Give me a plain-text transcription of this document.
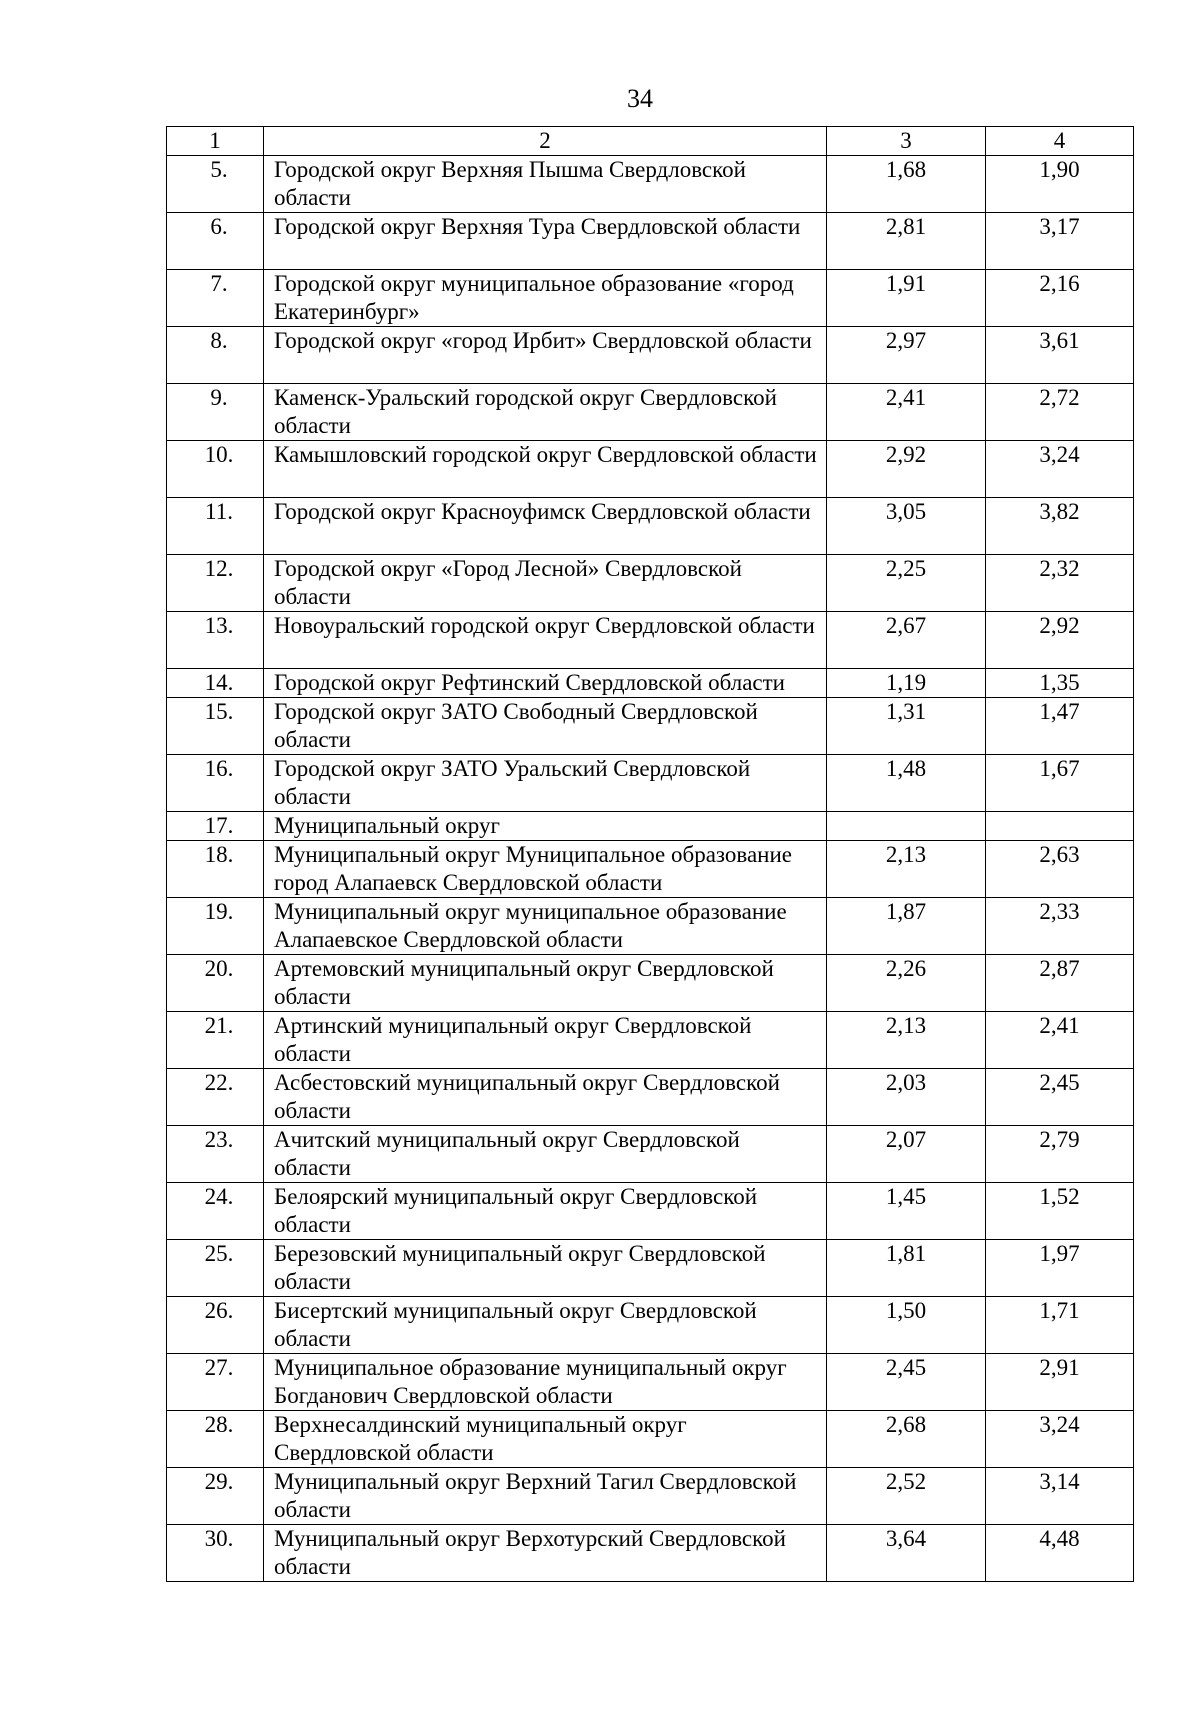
34
1	2	3	4
5.	Городской округ Верхняя Пышма Свердловской области	1,68	1,90
6.	Городской округ Верхняя Тура Свердловской области	2,81	3,17
7.	Городской округ муниципальное образование «город Екатеринбург»	1,91	2,16
8.	Городской округ «город Ирбит» Свердловской области	2,97	3,61
9.	Каменск-Уральский городской округ Свердловской области	2,41	2,72
10.	Камышловский городской округ Свердловской области	2,92	3,24
11.	Городской округ Красноуфимск Свердловской области	3,05	3,82
12.	Городской округ «Город Лесной» Свердловской области	2,25	2,32
13.	Новоуральский городской округ Свердловской области	2,67	2,92
14.	Городской округ Рефтинский Свердловской области	1,19	1,35
15.	Городской округ ЗАТО Свободный Свердловской области	1,31	1,47
16.	Городской округ ЗАТО Уральский Свердловской области	1,48	1,67
17.	Муниципальный округ		
18.	Муниципальный округ Муниципальное образование город Алапаевск Свердловской области	2,13	2,63
19.	Муниципальный округ муниципальное образование Алапаевское Свердловской области	1,87	2,33
20.	Артемовский муниципальный округ Свердловской области	2,26	2,87
21.	Артинский муниципальный округ Свердловской области	2,13	2,41
22.	Асбестовский муниципальный округ Свердловской области	2,03	2,45
23.	Ачитский муниципальный округ Свердловской области	2,07	2,79
24.	Белоярский муниципальный округ Свердловской области	1,45	1,52
25.	Березовский муниципальный округ Свердловской области	1,81	1,97
26.	Бисертский муниципальный округ Свердловской области	1,50	1,71
27.	Муниципальное образование муниципальный округ Богданович Свердловской области	2,45	2,91
28.	Верхнесалдинский муниципальный округ Свердловской области	2,68	3,24
29.	Муниципальный округ Верхний Тагил Свердловской области	2,52	3,14
30.	Муниципальный округ Верхотурский Свердловской области	3,64	4,48
